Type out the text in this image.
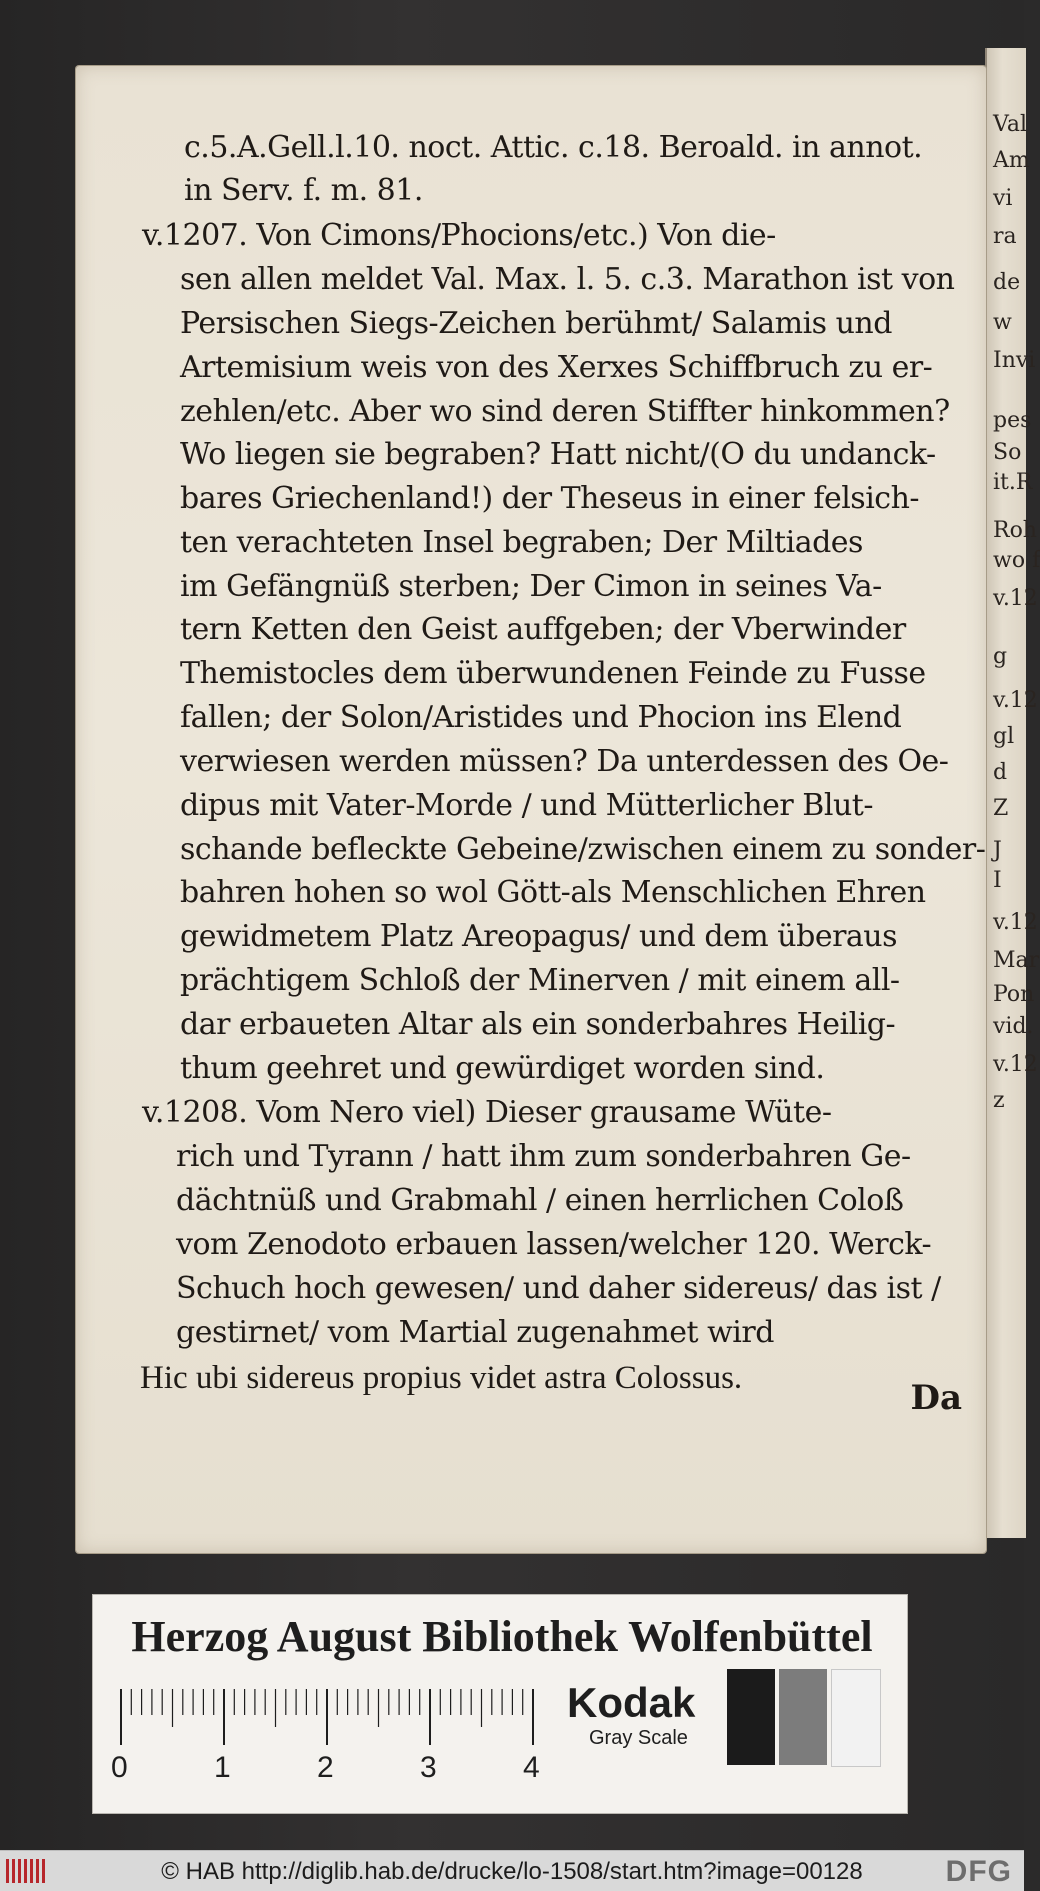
Val
Am
vi
ra
de
w
Invi
pes
So
it.R
Roh
wo f
v.12
g
v.12
gl
d
Z
J
I
v.12
Mar
Pon
vid.
v.12
z
c.5.A.Gell.l.10. noct. Attic. c.18. Beroald. in annot.
in Serv. f. m. 81.
v.1207. Von Cimons/Phocions/etc.) Von die-
sen allen meldet Val. Max. l. 5. c.3. Marathon ist von
Persischen Siegs-Zeichen berühmt/ Salamis und
Artemisium weis von des Xerxes Schiffbruch zu er-
zehlen/etc. Aber wo sind deren Stiffter hinkommen?
Wo liegen sie begraben? Hatt nicht/(O du undanck-
bares Griechenland!) der Theseus in einer felsich-
ten verachteten Insel begraben; Der Miltiades
im Gefängnüß sterben; Der Cimon in seines Va-
tern Ketten den Geist auffgeben; der Vberwinder
Themistocles dem überwundenen Feinde zu Fusse
fallen; der Solon/Aristides und Phocion ins Elend
verwiesen werden müssen? Da unterdessen des Oe-
dipus mit Vater-Morde / und Mütterlicher Blut-
schande befleckte Gebeine/zwischen einem zu sonder-
bahren hohen so wol Gött-als Menschlichen Ehren
gewidmetem Platz Areopagus/ und dem überaus
prächtigem Schloß der Minerven / mit einem all-
dar erbaueten Altar als ein sonderbahres Heilig-
thum geehret und gewürdiget worden sind.
v.1208. Vom Nero viel) Dieser grausame Wüte-
rich und Tyrann / hatt ihm zum sonderbahren Ge-
dächtnüß und Grabmahl / einen herrlichen Coloß
vom Zenodoto erbauen lassen/welcher 120. Werck-
Schuch hoch gewesen/ und daher sidereus/ das ist /
gestirnet/ vom Martial zugenahmet wird
Hic ubi sidereus propius videt astra Colossus.	Da
Herzog August Bibliothek Wolfenbüttel
0	1	2	3	4
Kodak
Gray Scale
© HAB http://diglib.hab.de/drucke/lo-1508/start.htm?image=00128	DFG
